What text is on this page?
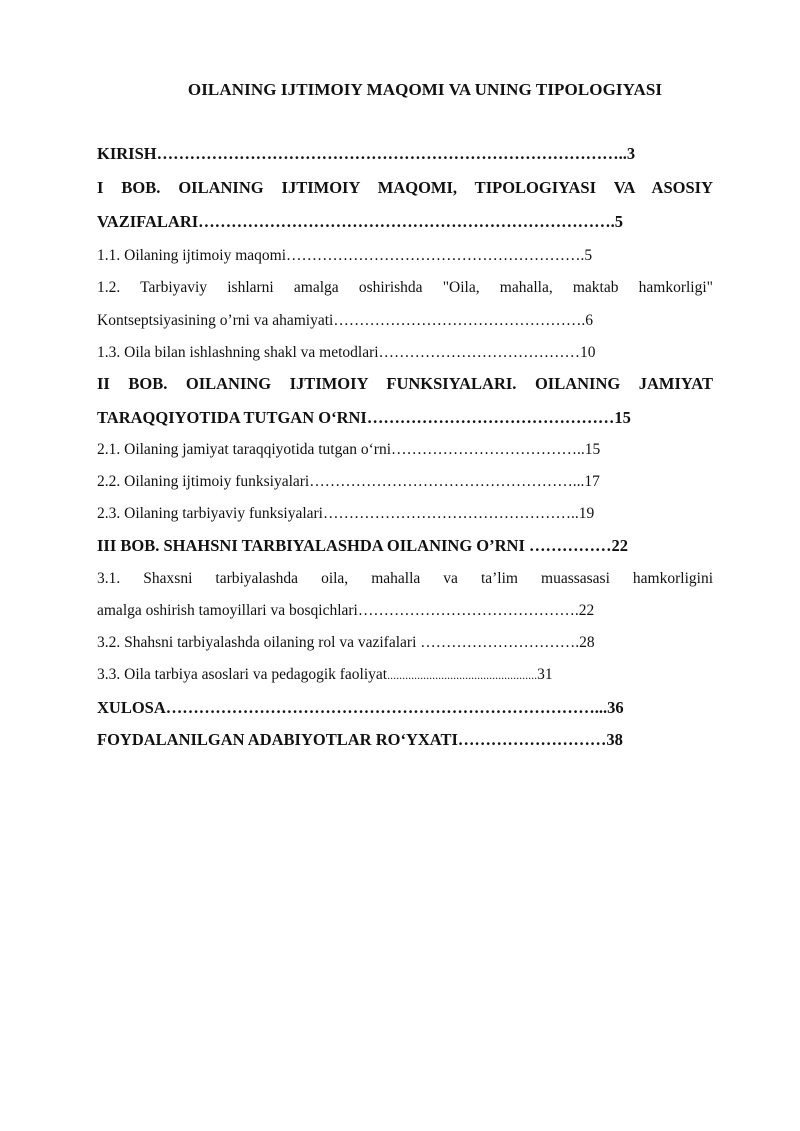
OILANING IJTIMOIY MAQOMI VA UNING TIPOLOGIYASI
KIRISH…………………………………………………………………………..3
I BOB. OILANING IJTIMOIY MAQOMI, TIPOLOGIYASI VA ASOSIY
VAZIFALARI………………………………………………………………….5
1.1. Oilaning ijtimoiy maqomi………………………………………………….5
1.2. Tarbiyaviy ishlarni amalga oshirishda "Oila, mahalla, maktab hamkorligi"
Kontseptsiyasining o’rni va ahamiyati………………………………………….6
1.3. Oila bilan ishlashning shakl va metodlari…………………………………10
II BOB. OILANING IJTIMOIY FUNKSIYALARI. OILANING JAMIYAT
TARAQQIYOTIDA TUTGAN O‘RNI………………………………………15
2.1. Oilaning jamiyat taraqqiyotida tutgan o‘rni………………………………..15
2.2. Oilaning ijtimoiy funksiyalari……………………………………………...17
2.3. Oilaning tarbiyaviy funksiyalari…………………………………………..19
III BOB. SHAHSNI TARBIYALASHDA OILANING O’RNI ……………22
3.1. Shaxsni tarbiyalashda oila, mahalla va ta’lim muassasasi hamkorligini
amalga oshirish tamoyillari va bosqichlari…………………………………….22
3.2. Shahsni tarbiyalashda oilaning rol va vazifalari ………………………….28
3.3. Oila tarbiya asoslari va pedagogik faoliyat..................................................31
XULOSA……………………………………………………………………...36
FOYDALANILGAN ADABIYOTLAR RO‘YXATI………………………38
